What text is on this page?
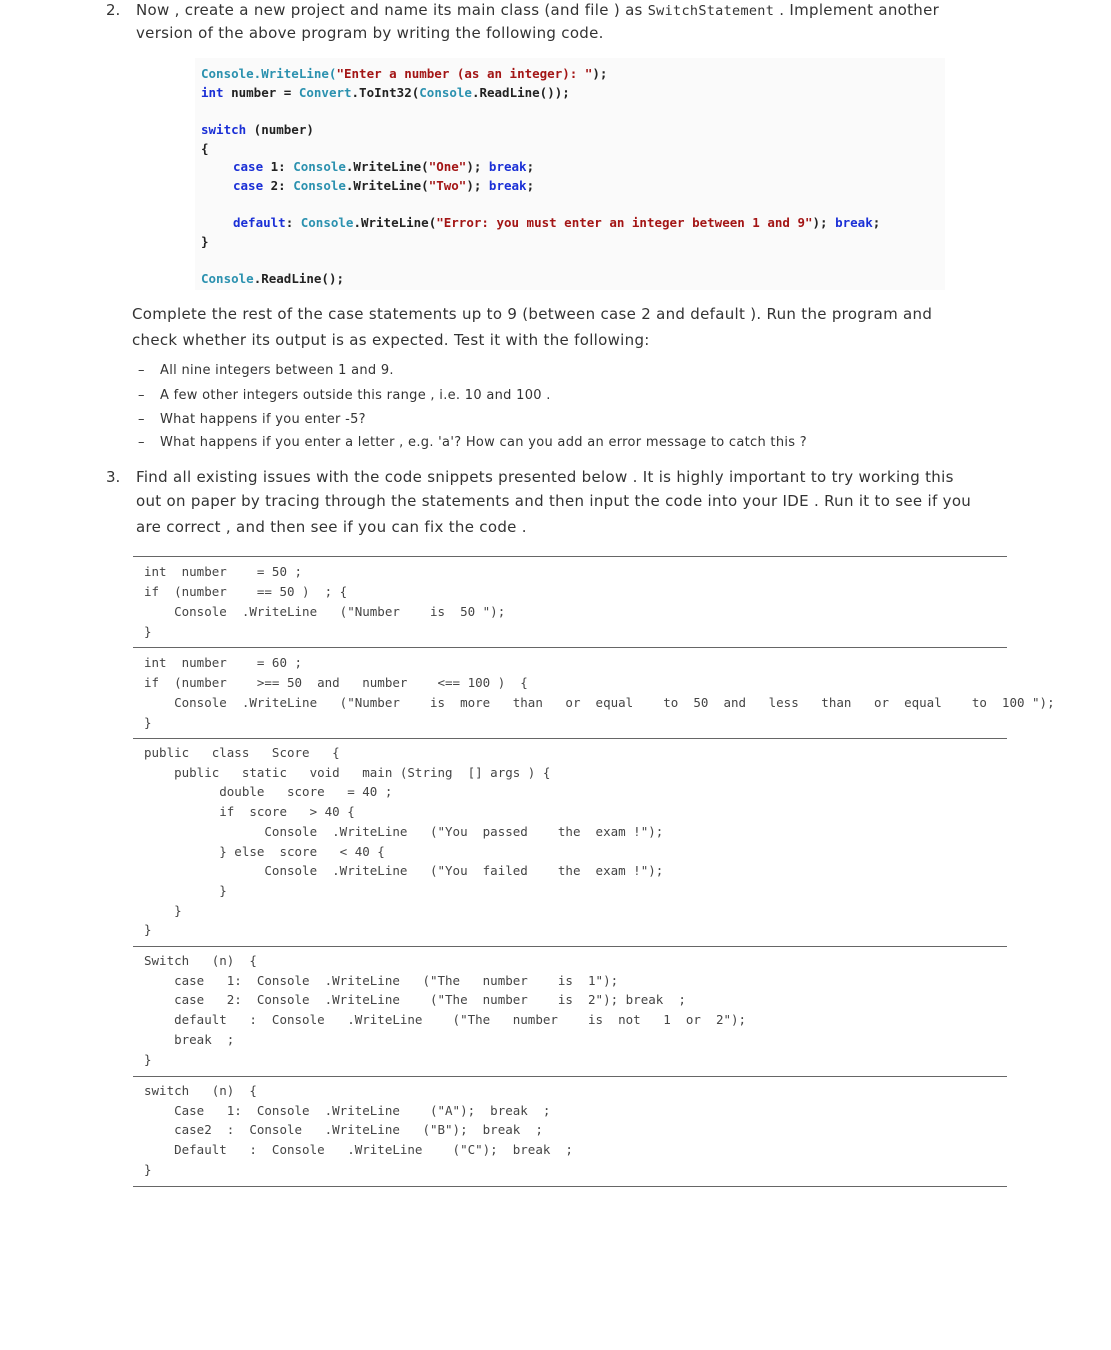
2. Now , create a new project and name its main class (and file ) as SwitchStatement . Implement another
version of the above program by writing the following code.
Console.WriteLine("Enter a number (as an integer): ");
int number = Convert.ToInt32(Console.ReadLine());
switch (number)
{
case 1: Console.WriteLine("One"); break;
case 2: Console.WriteLine("Two"); break;
default: Console.WriteLine("Error: you must enter an integer between 1 and 9"); break;
}
Console.ReadLine();
Complete the rest of the case statements up to 9 (between case 2 and default ). Run the program and
check whether its output is as expected. Test it with the following:
– All nine integers between 1 and 9.
– A few other integers outside this range , i.e. 10 and 100 .
– What happens if you enter -5?
– What happens if you enter a letter , e.g. 'a'? How can you add an error message to catch this ?
3. Find all existing issues with the code snippets presented below . It is highly important to try working this
out on paper by tracing through the statements and then input the code into your IDE . Run it to see if you
are correct , and then see if you can fix the code .
int  number    = 50 ;
if  (number    == 50 )  ; {
Console  .WriteLine   ("Number    is  50 ");
}
int  number    = 60 ;
if  (number    >== 50  and   number    <== 100 )  {
Console  .WriteLine   ("Number    is  more   than   or  equal    to  50  and   less   than   or  equal    to  100 ");
}
public   class   Score   {
public   static   void   main (String  [] args ) {
double   score   = 40 ;
if  score   > 40 {
Console  .WriteLine   ("You  passed    the  exam !");
} else  score   < 40 {
Console  .WriteLine   ("You  failed    the  exam !");
}
}
}
Switch   (n)  {
case   1:  Console  .WriteLine   ("The   number    is  1");
case   2:  Console  .WriteLine    ("The  number    is  2"); break  ;
default   :  Console   .WriteLine    ("The   number    is  not   1  or  2");
break  ;
}
switch   (n)  {
Case   1:  Console  .WriteLine    ("A");  break  ;
case2  :  Console   .WriteLine   ("B");  break  ;
Default   :  Console   .WriteLine    ("C");  break  ;
}
